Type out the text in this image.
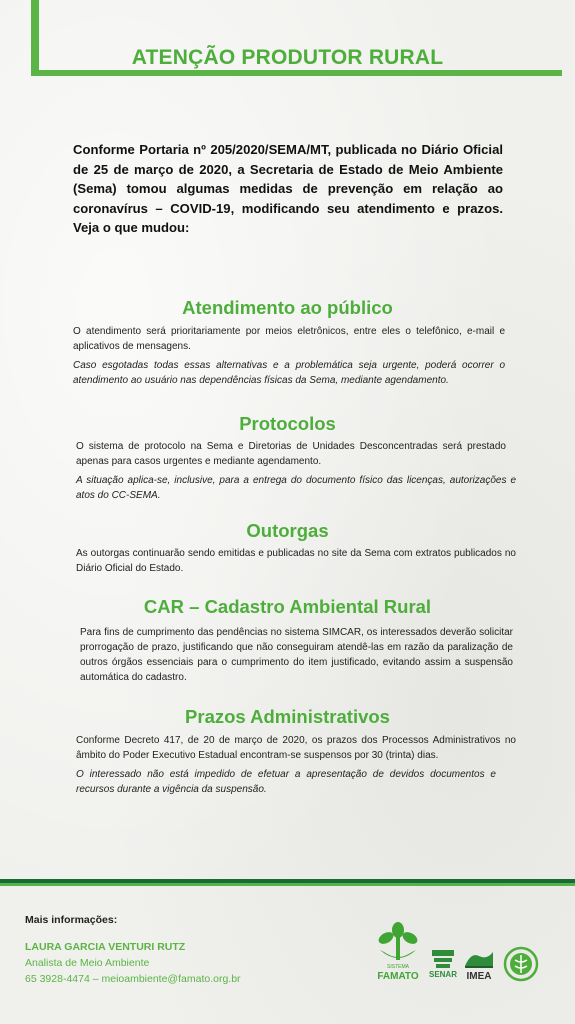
ATENÇÃO PRODUTOR RURAL
Conforme Portaria nº 205/2020/SEMA/MT, publicada no Diário Oficial de 25 de março de 2020, a Secretaria de Estado de Meio Ambiente (Sema) tomou algumas medidas de prevenção em relação ao coronavírus – COVID-19, modificando seu atendimento e prazos. Veja o que mudou:
Atendimento ao público
O atendimento será prioritariamente por meios eletrônicos, entre eles o telefônico, e-mail e aplicativos de mensagens.
Caso esgotadas todas essas alternativas e a problemática seja urgente, poderá ocorrer o atendimento ao usuário nas dependências físicas da Sema, mediante agendamento.
Protocolos
O sistema de protocolo na Sema e Diretorias de Unidades Desconcentradas será prestado apenas para casos urgentes e mediante agendamento.
A situação aplica-se, inclusive, para a entrega do documento físico das licenças, autorizações e atos do CC-SEMA.
Outorgas
As outorgas continuarão sendo emitidas e publicadas no site da Sema com extratos publicados no Diário Oficial do Estado.
CAR – Cadastro Ambiental Rural
Para fins de cumprimento das pendências no sistema SIMCAR, os interessados deverão solicitar prorrogação de prazo, justificando que não conseguiram atendê-las em razão da paralização de outros órgãos essenciais para o cumprimento do item justificado, evitando assim a suspensão automática do cadastro.
Prazos Administrativos
Conforme Decreto 417, de 20 de março de 2020, os prazos dos Processos Administrativos no âmbito do Poder Executivo Estadual encontram-se suspensos por 30 (trinta) dias.
O interessado não está impedido de efetuar a apresentação de devidos documentos e recursos durante a vigência da suspensão.
Mais informações:
LAURA GARCIA VENTURI RUTZ
Analista de Meio Ambiente
65 3928-4474 – meioambiente@famato.org.br
SISTEMA
FAMATO SENAR IMEA
